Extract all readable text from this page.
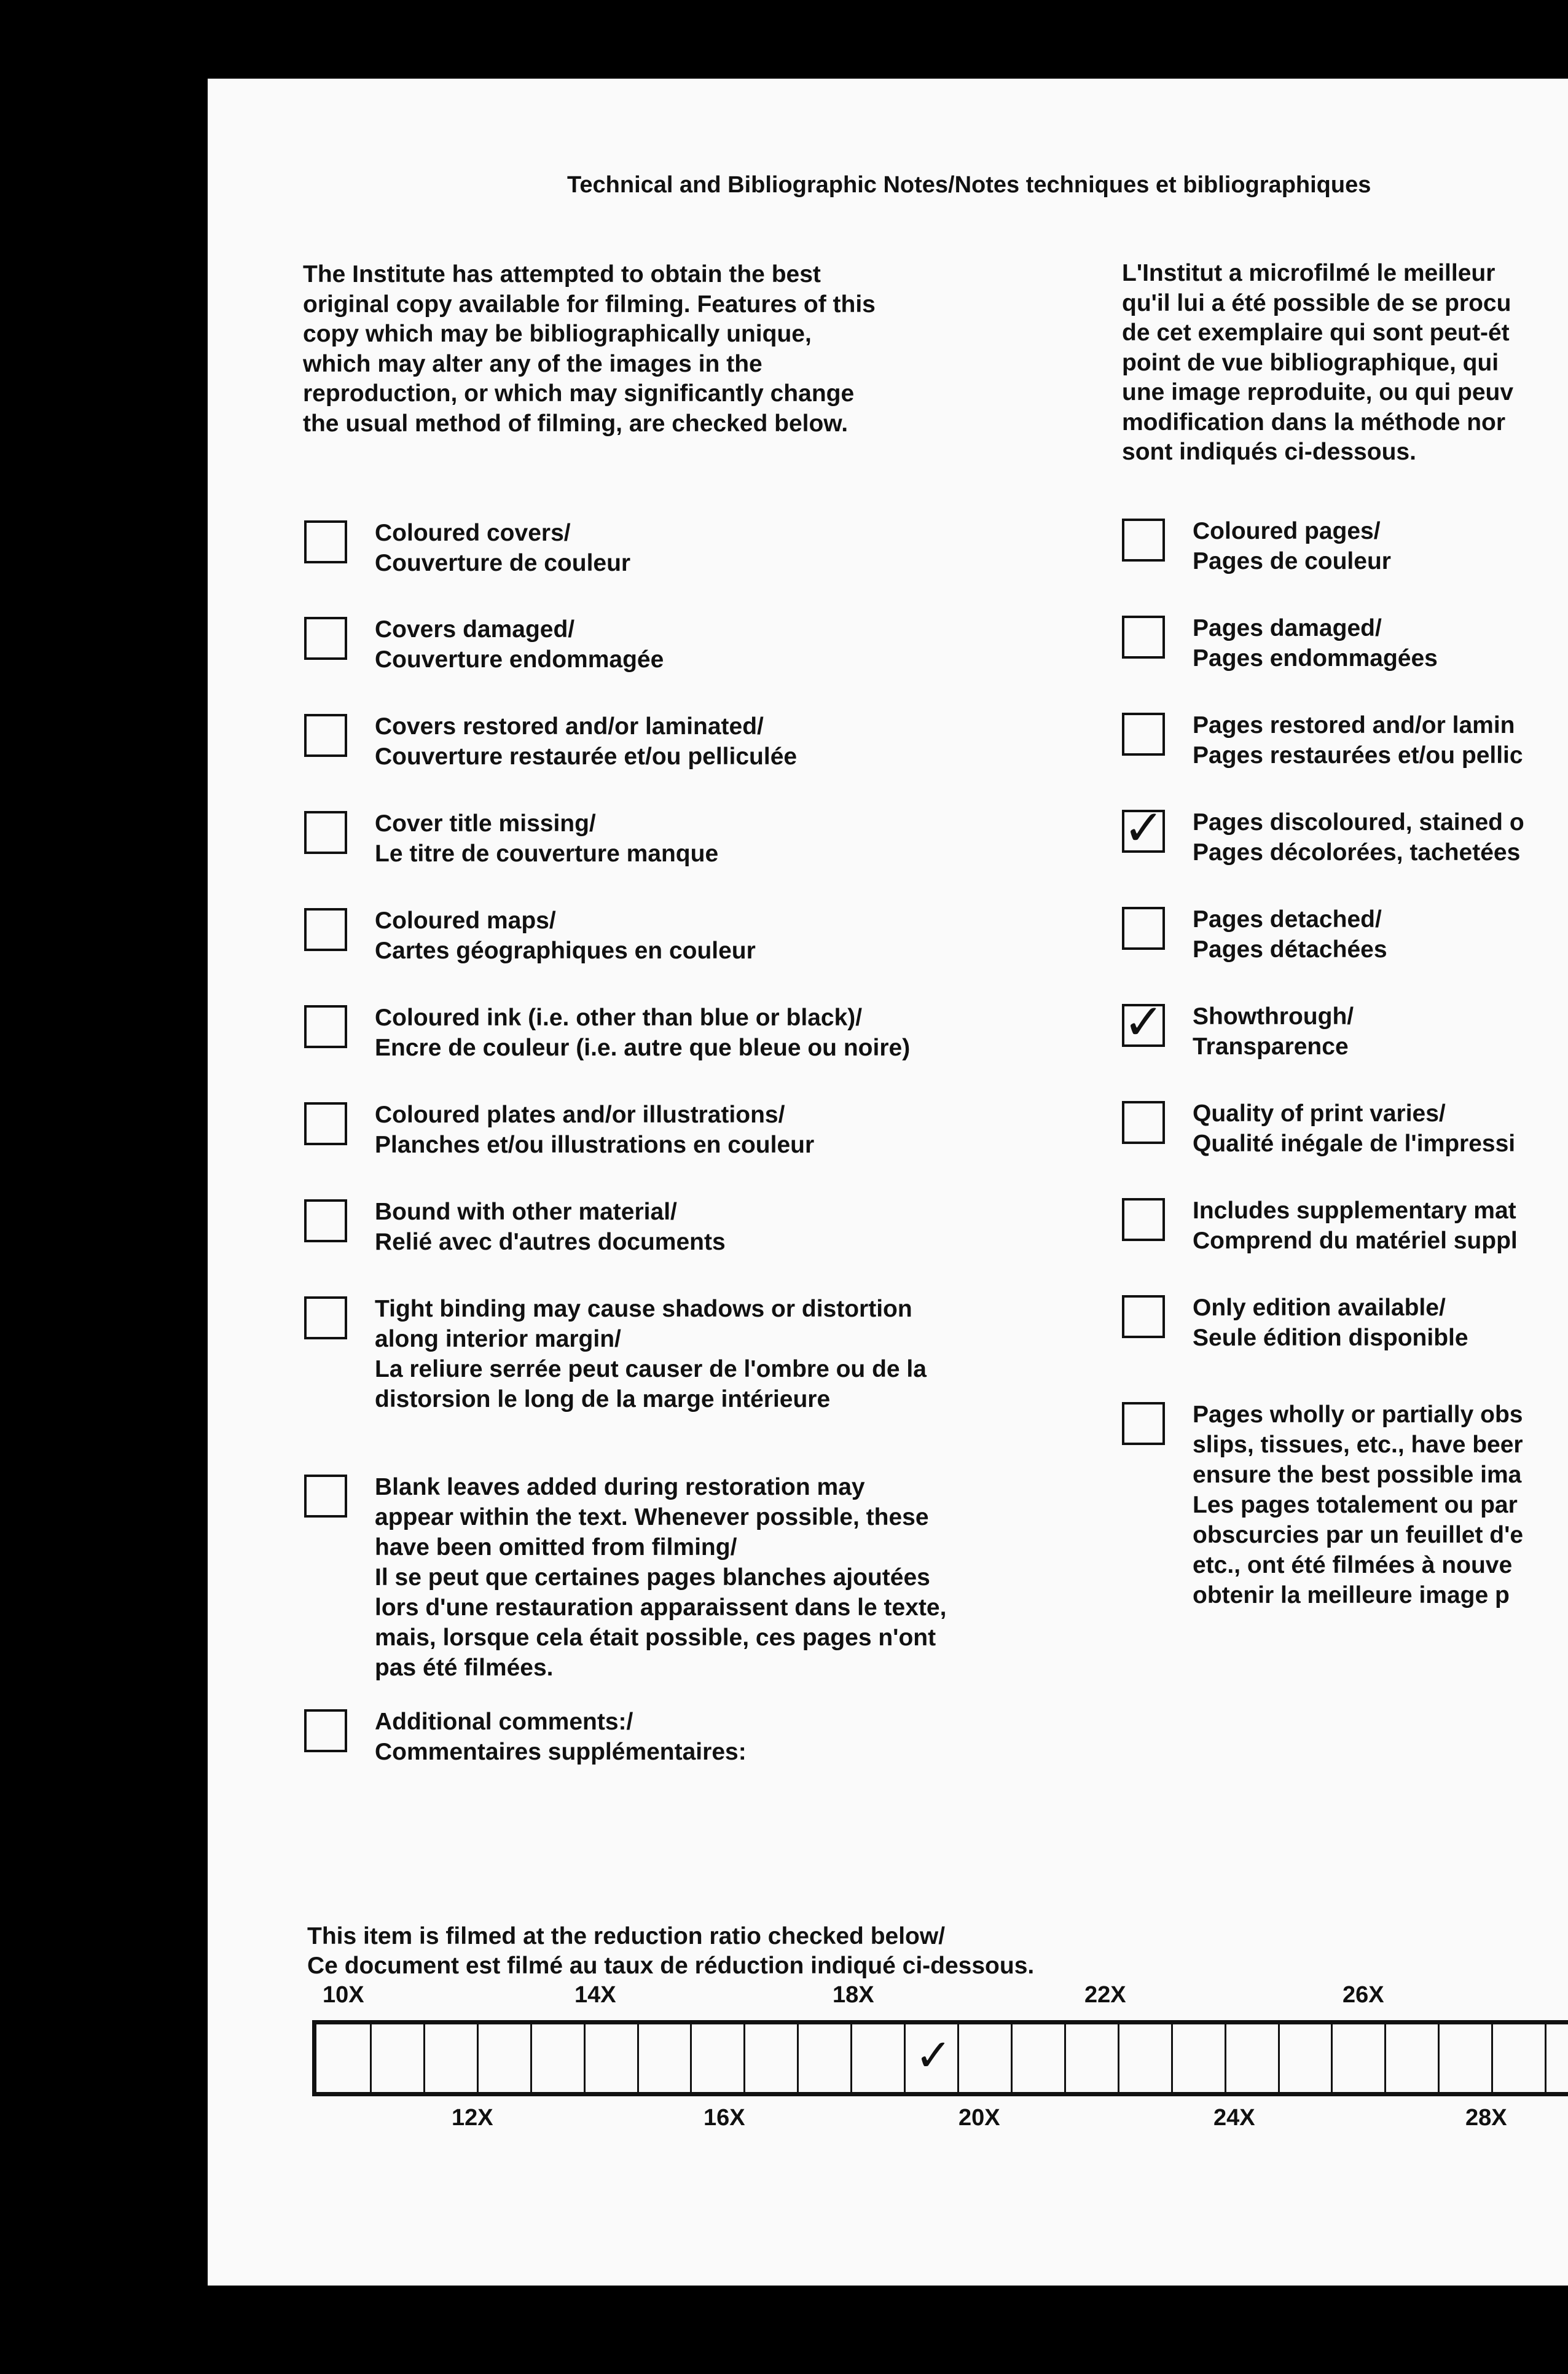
Technical and Bibliographic Notes/Notes techniques et bibliographiques

The Institute has attempted to obtain the best
original copy available for filming. Features of this
copy which may be bibliographically unique,
which may alter any of the images in the
reproduction, or which may significantly change
the usual method of filming, are checked below.

L'Institut a microfilmé le meilleur
qu'il lui a été possible de se procu
de cet exemplaire qui sont peut-ét
point de vue bibliographique, qui
une image reproduite, ou qui peuv
modification dans la méthode nor
sont indiqués ci-dessous.

Coloured covers/
Couverture de couleur

Covers damaged/
Couverture endommagée

Covers restored and/or laminated/
Couverture restaurée et/ou pelliculée

Cover title missing/
Le titre de couverture manque

Coloured maps/
Cartes géographiques en couleur

Coloured ink (i.e. other than blue or black)/
Encre de couleur (i.e. autre que bleue ou noire)

Coloured plates and/or illustrations/
Planches et/ou illustrations en couleur

Bound with other material/
Relié avec d'autres documents

Tight binding may cause shadows or distortion
along interior margin/
La reliure serrée peut causer de l'ombre ou de la
distorsion le long de la marge intérieure

Blank leaves added during restoration may
appear within the text. Whenever possible, these
have been omitted from filming/
Il se peut que certaines pages blanches ajoutées
lors d'une restauration apparaissent dans le texte,
mais, lorsque cela était possible, ces pages n'ont
pas été filmées.

Additional comments:/
Commentaires supplémentaires:

Coloured pages/
Pages de couleur

Pages damaged/
Pages endommagées

Pages restored and/or lamin
Pages restaurées et/ou pellic

✓ Pages discoloured, stained o
Pages décolorées, tachetées

Pages detached/
Pages détachées

✓ Showthrough/
Transparence

Quality of print varies/
Qualité inégale de l'impressi

Includes supplementary mat
Comprend du matériel suppl

Only edition available/
Seule édition disponible

Pages wholly or partially obs
slips, tissues, etc., have beer
ensure the best possible ima
Les pages totalement ou par
obscurcies par un feuillet d'e
etc., ont été filmées à nouve
obtenir la meilleure image p

This item is filmed at the reduction ratio checked below/
Ce document est filmé au taux de réduction indiqué ci-dessous.

10X	14X	18X	22X	26X
✓
12X	16X	20X	24X	28X
